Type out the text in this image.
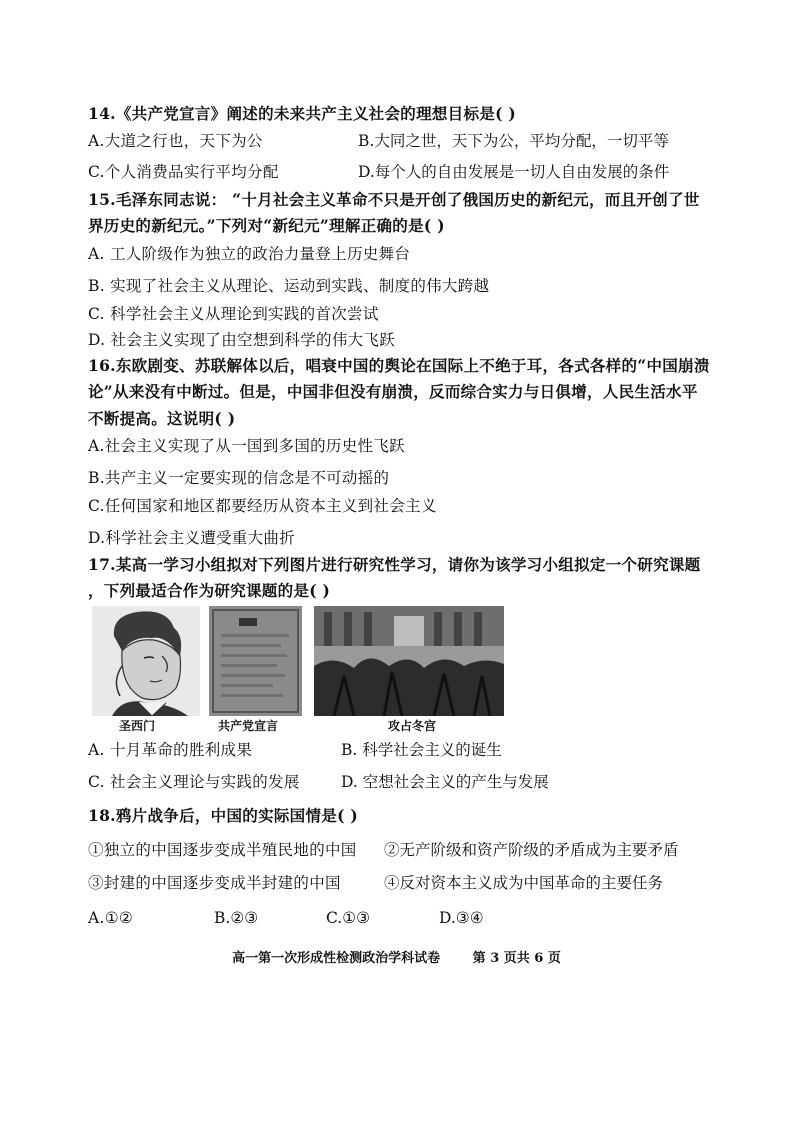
14.《共产党宣言》阐述的未来共产主义社会的理想目标是( )
A.大道之行也，天下为公	B.大同之世，天下为公，平均分配，一切平等
C.个人消费品实行平均分配	D.每个人的自由发展是一切人自由发展的条件
15.毛泽东同志说： “十月社会主义革命不只是开创了俄国历史的新纪元，而且开创了世
界历史的新纪元。”下列对“新纪元”理解正确的是( )
A. 工人阶级作为独立的政治力量登上历史舞台
B. 实现了社会主义从理论、运动到实践、制度的伟大跨越
C. 科学社会主义从理论到实践的首次尝试
D. 社会主义实现了由空想到科学的伟大飞跃
16.东欧剧变、苏联解体以后，唱衰中国的舆论在国际上不绝于耳，各式各样的“中国崩溃
论”从来没有中断过。但是，中国非但没有崩溃，反而综合实力与日俱增，人民生活水平
不断提高。这说明( )
A.社会主义实现了从一国到多国的历史性飞跃
B.共产主义一定要实现的信念是不可动摇的
C.任何国家和地区都要经历从资本主义到社会主义
D.科学社会主义遭受重大曲折
17.某高一学习小组拟对下列图片进行研究性学习，请你为该学习小组拟定一个研究课题
，下列最适合作为研究课题的是( )
圣西门	共产党宣言	攻占冬宫
A. 十月革命的胜利成果	B. 科学社会主义的诞生
C. 社会主义理论与实践的发展	D. 空想社会主义的产生与发展
18.鸦片战争后，中国的实际国情是( )
①独立的中国逐步变成半殖民地的中国 ②无产阶级和资产阶级的矛盾成为主要矛盾
③封建的中国逐步变成半封建的中国	④反对资本主义成为中国革命的主要任务
A.①②	B.②③	C.①③	D.③④
高一第一次形成性检测政治学科试卷	第 3 页共 6 页
